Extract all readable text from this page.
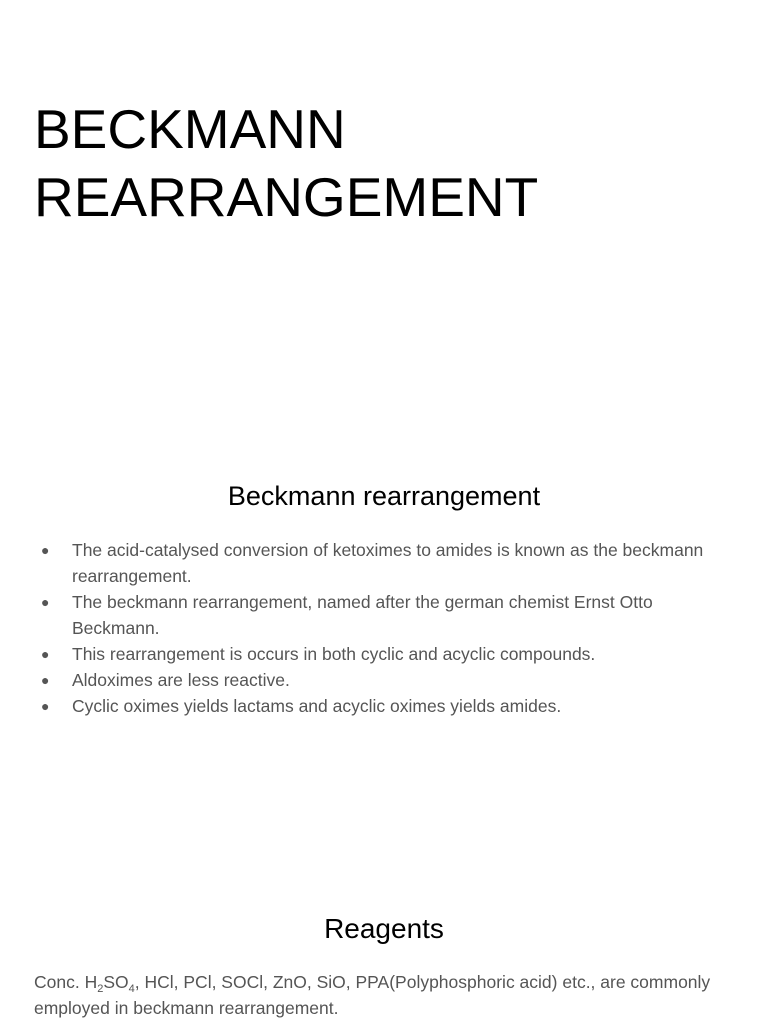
BECKMANN
REARRANGEMENT
Beckmann rearrangement
● The acid-catalysed conversion of ketoximes to amides is known as the beckmann rearrangement.
● The beckmann rearrangement, named after the german chemist Ernst Otto Beckmann.
● This rearrangement is occurs in both cyclic and acyclic compounds.
● Aldoximes are less reactive.
● Cyclic oximes yields lactams and acyclic oximes yields amides.
Reagents
Conc. $H_2SO_4$, HCl, PCl, SOCl, ZnO, SiO, PPA(Polyphosphoric acid) etc., are commonly employed in beckmann rearrangement.
